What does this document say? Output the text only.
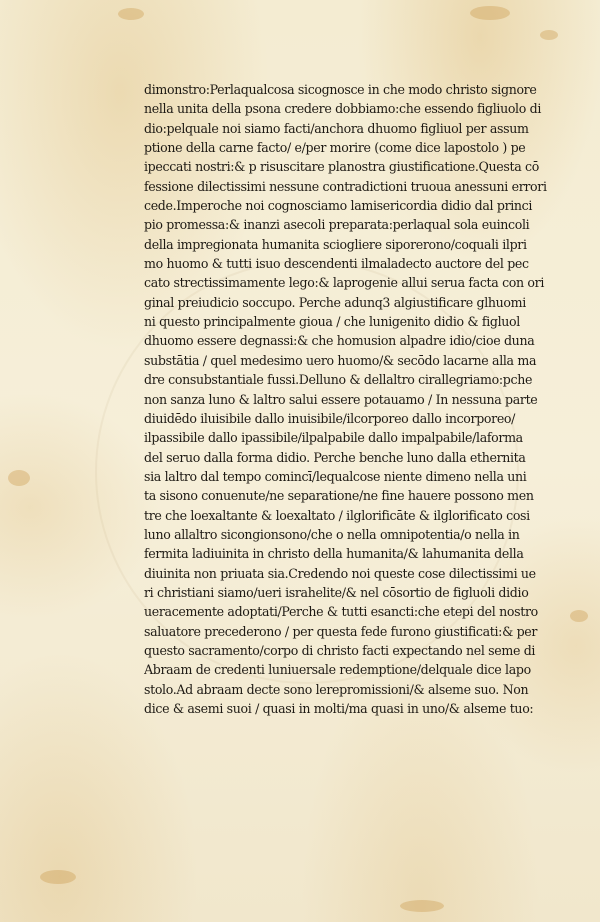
dimonstro:Perlaqualcosa sicognosce in che modo christo signore
nella unita della psona credere dobbiamo:che essendo figliuolo di
dio:pelquale noi siamo facti/anchora dhuomo figliuol per assum
ptione della carne facto/ e/per morire (come dice lapostolo ) pe
ipeccati nostri:& p risuscitare planostra giustificatione.Questa cō
fessione dilectissimi nessune contradictioni truoua anessuni errori
cede.Imperoche noi cognosciamo lamisericordia didio dal princi
pio promessa:& inanzi asecoli preparata:perlaqual sola euincoli
della impregionata humanita sciogliere siporerono/coquali ilpri
mo huomo & tutti isuo descendenti ilmaladecto auctore del pec
cato strectissimamente lego:& laprogenie allui serua facta con ori
ginal preiudicio soccupo. Perche adunq3 algiustificare glhuomi
ni questo principalmente gioua / che lunigenito didio & figluol
dhuomo essere degnassi:& che homusion alpadre idio/cioe duna
substātia / quel medesimo uero huomo/& secōdo lacarne alla ma
dre consubstantiale fussi.Delluno & dellaltro cirallegriamo:pche
non sanza luno & laltro salui essere potauamo / In nessuna parte
diuidēdo iluisibile dallo inuisibile/ilcorporeo dallo incorporeo/
ilpassibile dallo ipassibile/ilpalpabile dallo impalpabile/laforma
del seruo dalla forma didio. Perche benche luno dalla ethernita
sia laltro dal tempo comincī/lequalcose niente dimeno nella uni
ta sisono conuenute/ne separatione/ne fine hauere possono men
tre che loexaltante & loexaltato / ilglorificāte & ilglorificato cosi
luno allaltro sicongionsono/che o nella omnipotentia/o nella in
fermita ladiuinita in christo della humanita/& lahumanita della
diuinita non priuata sia.Credendo noi queste cose dilectissimi ue
ri christiani siamo/ueri israhelite/& nel cōsortio de figluoli didio
ueracemente adoptati/Perche & tutti esancti:che etepi del nostro
saluatore precederono / per questa fede furono giustificati:& per
questo sacramento/corpo di christo facti expectando nel seme di
Abraam de credenti luniuersale redemptione/delquale dice lapo
stolo.Ad abraam decte sono lerepromissioni/& alseme suo. Non
dice & asemi suoi / quasi in molti/ma quasi in uno/& alseme tuo:
